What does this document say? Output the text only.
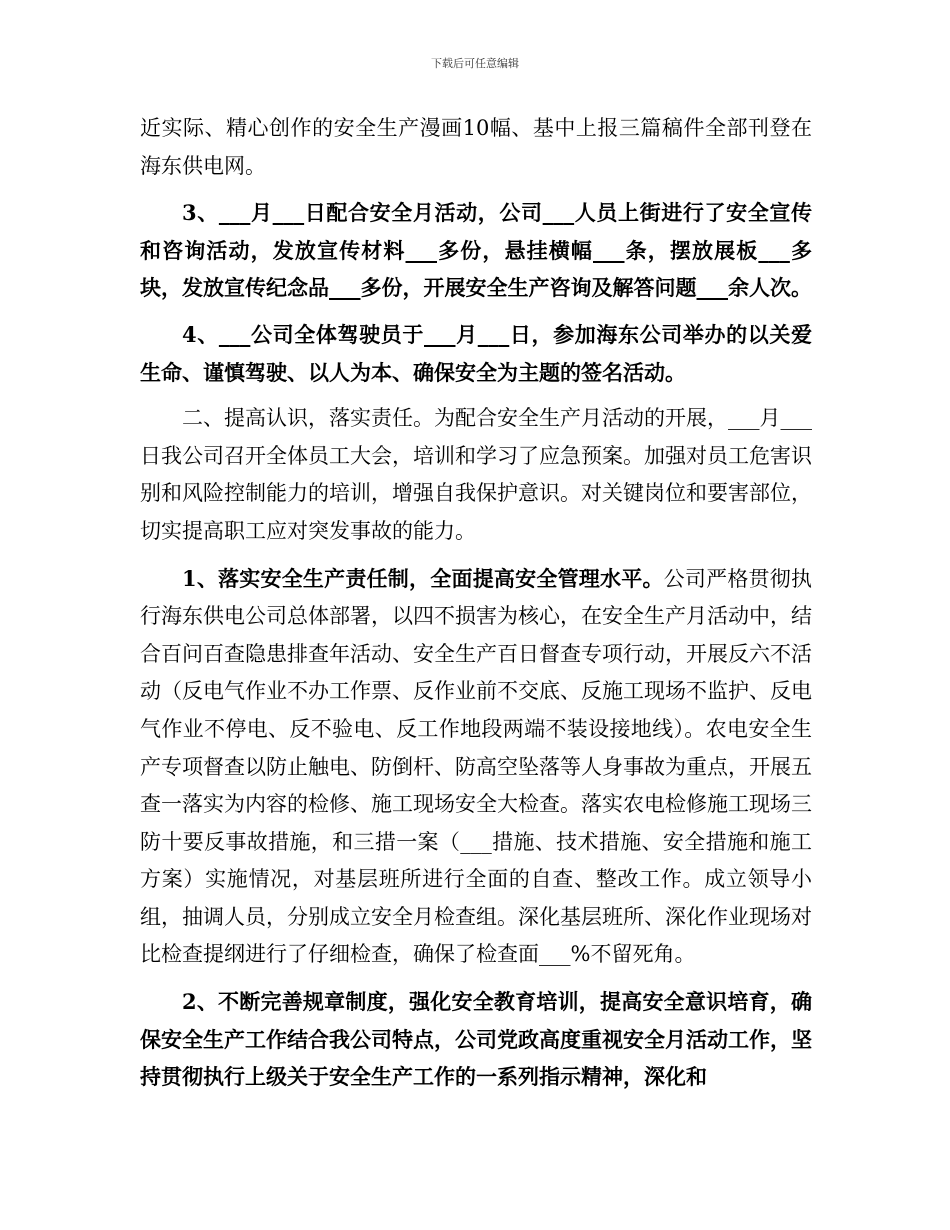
下载后可任意编辑

近实际、精心创作的安全生产漫画10幅、基中上报三篇稿件全部刊登在海东供电网。

3、___月___日配合安全月活动，公司___人员上街进行了安全宣传和咨询活动，发放宣传材料___多份，悬挂横幅___条，摆放展板___多块，发放宣传纪念品___多份，开展安全生产咨询及解答问题___余人次。

4、___公司全体驾驶员于___月___日，参加海东公司举办的以关爱生命、谨慎驾驶、以人为本、确保安全为主题的签名活动。

二、提高认识，落实责任。为配合安全生产月活动的开展，___月___日我公司召开全体员工大会，培训和学习了应急预案。加强对员工危害识别和风险控制能力的培训，增强自我保护意识。对关键岗位和要害部位，切实提高职工应对突发事故的能力。

1、落实安全生产责任制，全面提高安全管理水平。公司严格贯彻执行海东供电公司总体部署，以四不损害为核心，在安全生产月活动中，结合百问百查隐患排查年活动、安全生产百日督查专项行动，开展反六不活动（反电气作业不办工作票、反作业前不交底、反施工现场不监护、反电气作业不停电、反不验电、反工作地段两端不装设接地线）。农电安全生产专项督查以防止触电、防倒杆、防高空坠落等人身事故为重点，开展五查一落实为内容的检修、施工现场安全大检查。落实农电检修施工现场三防十要反事故措施，和三措一案（___措施、技术措施、安全措施和施工方案）实施情况，对基层班所进行全面的自查、整改工作。成立领导小组，抽调人员，分别成立安全月检查组。深化基层班所、深化作业现场对比检查提纲进行了仔细检查，确保了检查面___%不留死角。

2、不断完善规章制度，强化安全教育培训，提高安全意识培育，确保安全生产工作结合我公司特点，公司党政高度重视安全月活动工作，坚持贯彻执行上级关于安全生产工作的一系列指示精神，深化和
